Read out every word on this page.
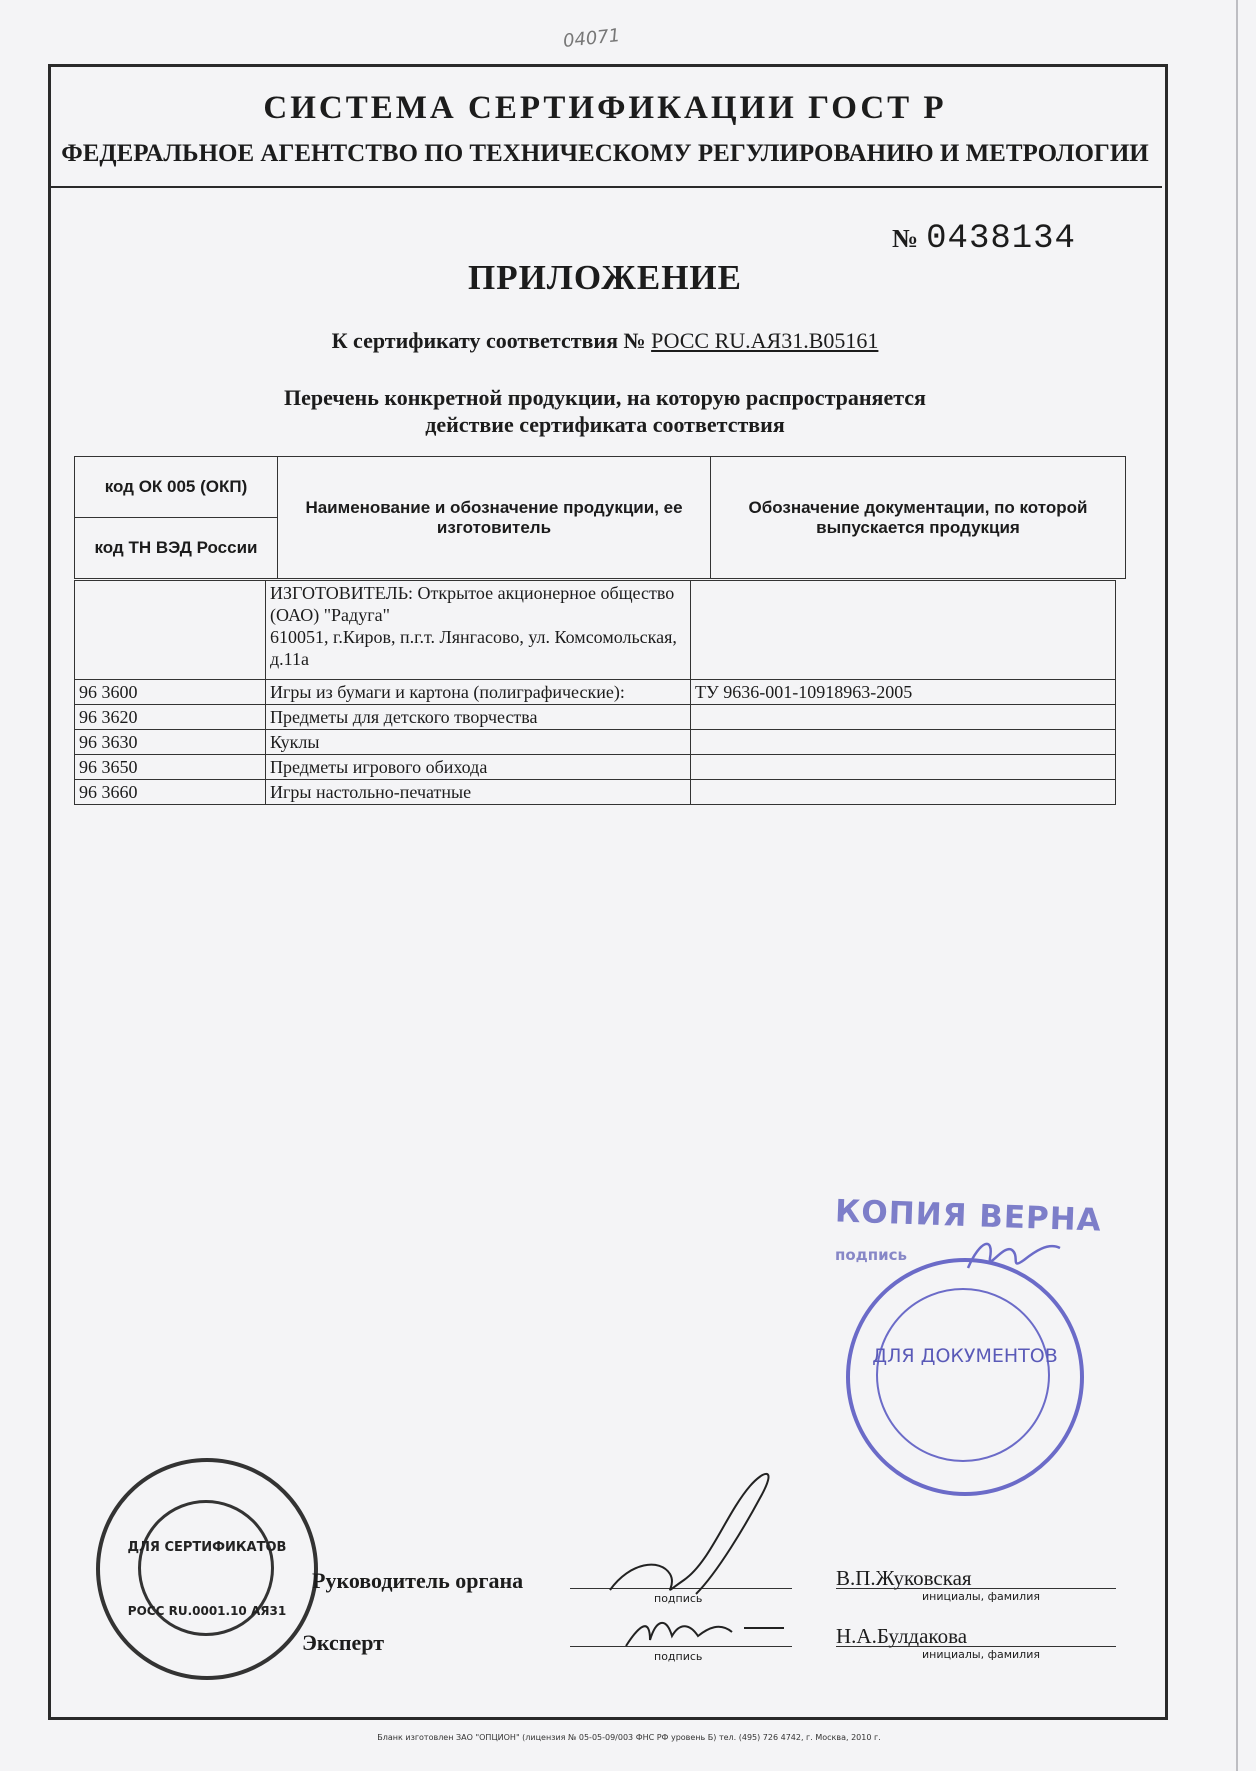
04071
СИСТЕМА СЕРТИФИКАЦИИ ГОСТ Р
ФЕДЕРАЛЬНОЕ АГЕНТСТВО ПО ТЕХНИЧЕСКОМУ РЕГУЛИРОВАНИЮ И МЕТРОЛОГИИ
№ 0438134
ПРИЛОЖЕНИЕ
К сертификату соответствия № РОСС RU.АЯ31.В05161
Перечень конкретной продукции, на которую распространяется
действие сертификата соответствия
код ОК 005 (ОКП)	Наименование и обозначение продукции, ее изготовитель	Обозначение документации, по которой выпускается продукция
код ТН ВЭД России

	ИЗГОТОВИТЕЛЬ: Открытое акционерное общество (ОАО) "Радуга"
610051, г.Киров, п.г.т. Лянгасово, ул. Комсомольская, д.11а	

96 3600	Игры из бумаги и картона (полиграфические):	ТУ 9636-001-10918963-2005
96 3620	Предметы для детского творчества	
96 3630	Куклы	
96 3650	Предметы игрового обихода	
96 3660	Игры настольно-печатные	
КОПИЯ ВЕРНА
подпись
ДЛЯ ДОКУМЕНТОВ
ДЛЯ СЕРТИФИКАТОВ
РОСС RU.0001.10 АЯ31
Руководитель органа
подпись
В.П.Жуковская
инициалы, фамилия
Эксперт
подпись
Н.А.Булдакова
инициалы, фамилия
Бланк изготовлен ЗАО "ОПЦИОН" (лицензия № 05-05-09/003 ФНС РФ уровень Б) тел. (495) 726 4742, г. Москва, 2010 г.
